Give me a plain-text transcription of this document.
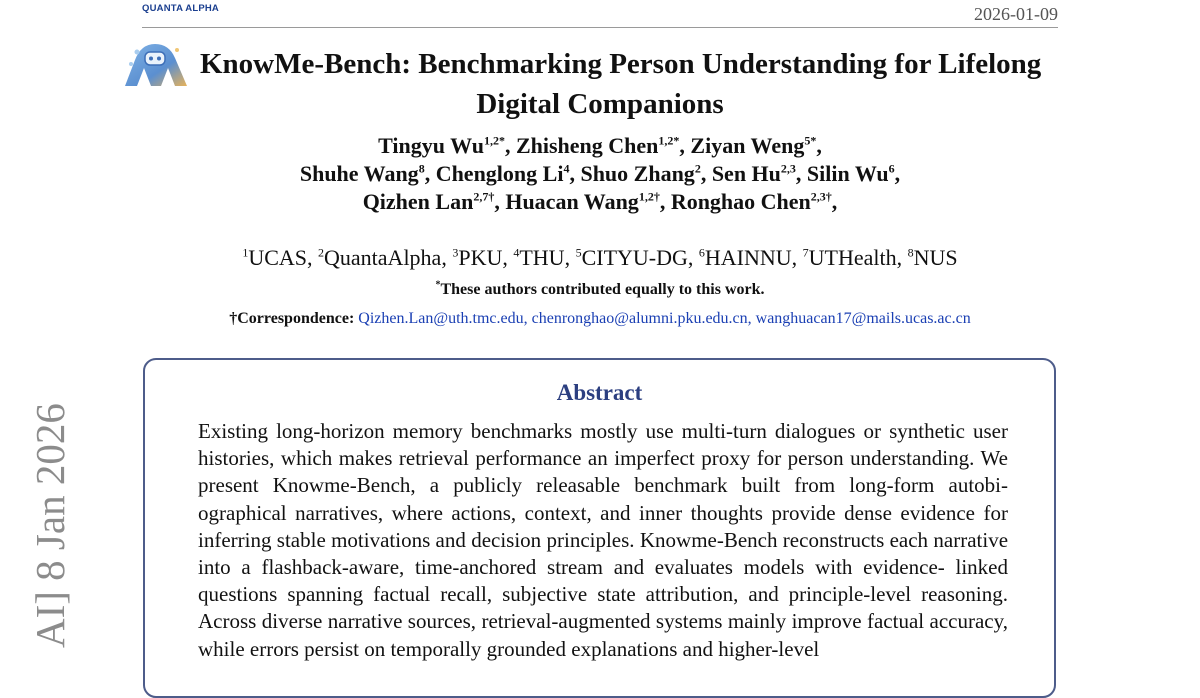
QUANTA ALPHA	2026-01-09
KnowMe-Bench: Benchmarking Person Understanding for Lifelong
Digital Companions
Tingyu $Wu^{1,2*}$, Zhisheng Chen$^{1,2*}$, Ziyan Weng$^{5*}$,
Shuhe Wang$^8$, Chenglong Li$^4$, Shuo Zhang$^2$, Sen Hu$^{2,3}$, Silin Wu$^6$,
Qizhen Lan$^{2,7\dagger}$, Huacan Wang$^{1,2\dagger}$, Ronghao Chen$^{2,3\dagger}$,
$^1$UCAS, $^2$QuantaAlpha, $^3$PKU, $^4$THU, $^5$CITYU-DG, $^6$HAINNU, $^7$UTHealth, $^8$NUS
*These authors contributed equally to this work.
†Correspondence: Qizhen.Lan@uth.tmc.edu, chenronghao@alumni.pku.edu.cn, wanghuacan17@mails.ucas.ac.cn
Abstract

Existing long-horizon memory benchmarks mostly use multi-turn dialogues or synthetic user histories, which makes retrieval performance an imperfect proxy for person understanding. We present Knowme-Bench, a publicly releasable benchmark built from long-form autobi- ographical narratives, where actions, context, and inner thoughts provide dense evidence for inferring stable motivations and decision principles. Knowme-Bench reconstructs each narrative into a flashback-aware, time-anchored stream and evaluates models with evidence- linked questions spanning factual recall, subjective state attribution, and principle-level reasoning. Across diverse narrative sources, retrieval-augmented systems mainly improve factual accuracy, while errors persist on temporally grounded explanations and higher-level

AI] 8 Jan 2026
